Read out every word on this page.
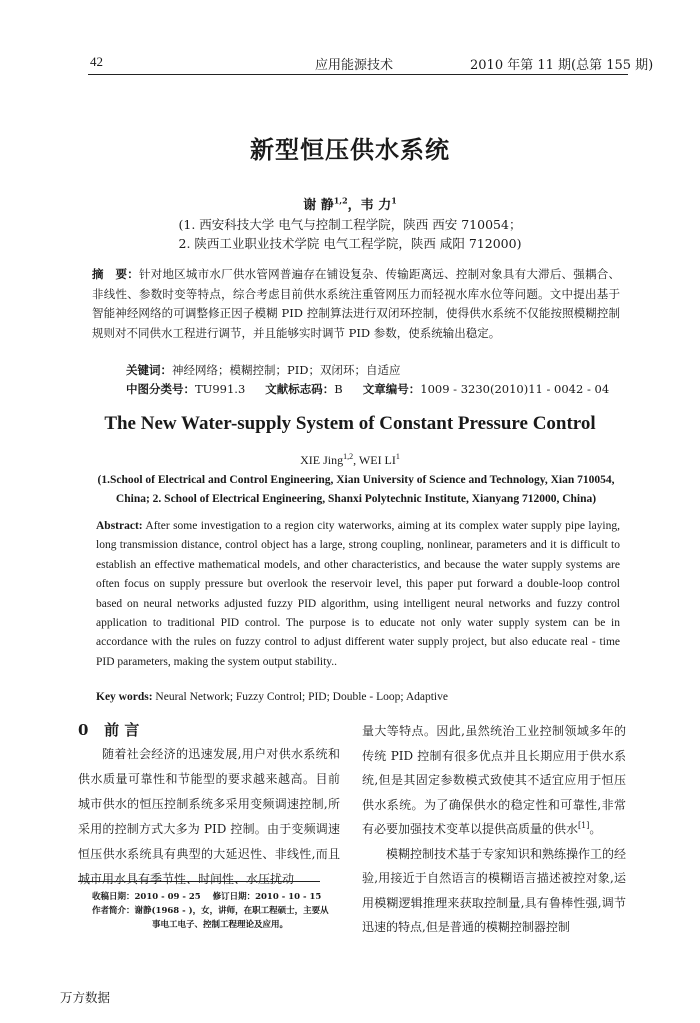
42	应用能源技术	2010 年第 11 期(总第 155 期)
新型恒压供水系统
谢 静$^{1,2}$，韦 力$^1$
(1. 西安科技大学 电气与控制工程学院，陕西 西安 710054；
2. 陕西工业职业技术学院 电气工程学院，陕西 咸阳 712000)
摘　要：针对地区城市水厂供水管网普遍存在铺设复杂、传输距离远、控制对象具有大滞后、强耦合、非线性、参数时变等特点，综合考虑目前供水系统注重管网压力而轻视水库水位等问题。文中提出基于智能神经网络的可调整修正因子模糊 PID 控制算法进行双闭环控制，使得供水系统不仅能按照模糊控制规则对不同供水工程进行调节，并且能够实时调节 PID 参数，使系统输出稳定。
关键词：神经网络；模糊控制；PID；双闭环；自适应
中图分类号：TU991.3 文献标志码：B 文章编号：1009 - 3230(2010)11 - 0042 - 04
The New Water-supply System of Constant Pressure Control
XIE Jing$^{1,2}$, WEI $LI^1$
(1.School of Electrical and Control Engineering, Xian University of Science and Technology, Xian 710054, China; 2. School of Electrical Engineering, Shanxi Polytechnic Institute, Xianyang 712000, China)
Abstract: After some investigation to a region city waterworks, aiming at its complex water supply pipe laying, long transmission distance, control object has a large, strong coupling, nonlinear, parameters and it is difficult to establish an effective mathematical models, and other characteristics, and because the water supply systems are often focus on supply pressure but overlook the reservoir level, this paper put forward a double-loop control based on neural networks adjusted fuzzy PID algorithm, using intelligent neural networks and fuzzy control application to traditional PID control. The purpose is to educate not only water supply system can be in accordance with the rules on fuzzy control to adjust different water supply project, but also educate real - time PID parameters, making the system output stability..
Key words: Neural Network; Fuzzy Control; PID; Double - Loop; Adaptive
0 前 言
随着社会经济的迅速发展,用户对供水系统和供水质量可靠性和节能型的要求越来越高。目前城市供水的恒压控制系统多采用变频调速控制,所采用的控制方式大多为 PID 控制。由于变频调速恒压供水系统具有典型的大延迟性、非线性,而且城市用水具有季节性、时间性、水压扰动

量大等特点。因此,虽然统治工业控制领域多年的传统 PID 控制有很多优点并且长期应用于供水系统,但是其固定参数模式致使其不适宜应用于恒压供水系统。为了确保供水的稳定性和可靠性,非常有必要加强技术变革以提供高质量的供水[1]。

模糊控制技术基于专家知识和熟练操作工的经验,用接近于自然语言的模糊语言描述被控对象,运用模糊逻辑推理来获取控制量,具有鲁棒性强,调节迅速的特点,但是普通的模糊控制器控制

收稿日期：2010 - 09 - 25 修订日期：2010 - 10 - 15
作者简介：谢静(1968 - )，女，讲师，在职工程硕士，主要从
事电工电子、控制工程理论及应用。
万方数据
